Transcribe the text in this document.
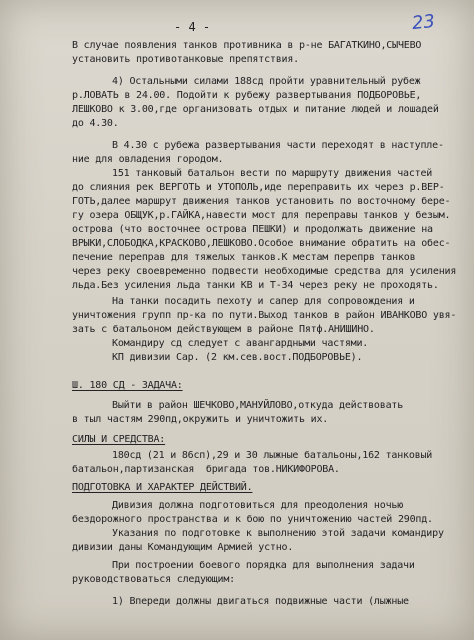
- 4 -	23
В случае появления танков противника в р-не БАГАТКИНО,СЫЧЕВО
установить противотанковые препятствия.
4) Остальными силами 188сд пройти уравнительный рубеж
р.ЛОВАТЬ в 24.00. Подойти к рубежу развертывания ПОДБОРОВЬЕ,
ЛЕШКОВО к 3.00,где организовать отдых и питание людей и лошадей
до 4.30.
В 4.30 с рубежа развертывания части переходят в наступле-
ние для овладения городом.
151 танковый батальон вести по маршруту движения частей
до слияния рек ВЕРГОТЬ и УТОПОЛЬ,иде переправить их через р.ВЕР-
ГОТЬ,далее маршрут движения танков установить по восточному бере-
гу озера ОБЩУК,р.ГАЙКА,навести мост для переправы танков у безым.
острова (что восточнее острова ПЕШКИ) и продолжать движение на
ВРЫКИ,СЛОБОДКА,КРАСКОВО,ЛЕШКОВО.Особое внимание обратить на обес-
печение переправ для тяжелых танков.К местам перепрв танков
через реку своевременно подвести необходимые средства для усиления
льда.Без усиления льда танки КВ и Т-34 через реку не проходять.
На танки посадить пехоту и сапер для сопровождения и
уничтожения групп пр-ка по пути.Выход танков в район ИВАНКОВО увя-
зать с батальоном действующем в районе Пятф.АНИШИНО.
Командиру сд следует с авангардными частями.
КП дивизии Сар. (2 км.сев.вост.ПОДБОРОВЬЕ).
Ш. 180 СД - ЗАДАЧА:
Выйти в район ШЕЧКОВО,МАНУЙЛОВО,откуда действовать
в тыл частям 290пд,окружить и уничтожить их.
СИЛЫ И СРЕДСТВА:
180сд (21 и 86сп),29 и 30 лыжные батальоны,162 танковый
батальон,партизанская  бригада тов.НИКИФОРОВА.
ПОДГОТОВКА И ХАРАКТЕР ДЕЙСТВИЙ.
Дивизия должна подготовиться для преодоления ночью
бездорожного пространства и к бою по уничтожению частей 290пд.
Указания по подготовке к выполнению этой задачи командиру
дивизии даны Командующим Армией устно.
При построении боевого порядка для выполнения задачи
руководствоваться следующим:
1) Впереди должны двигаться подвижные части (лыжные
